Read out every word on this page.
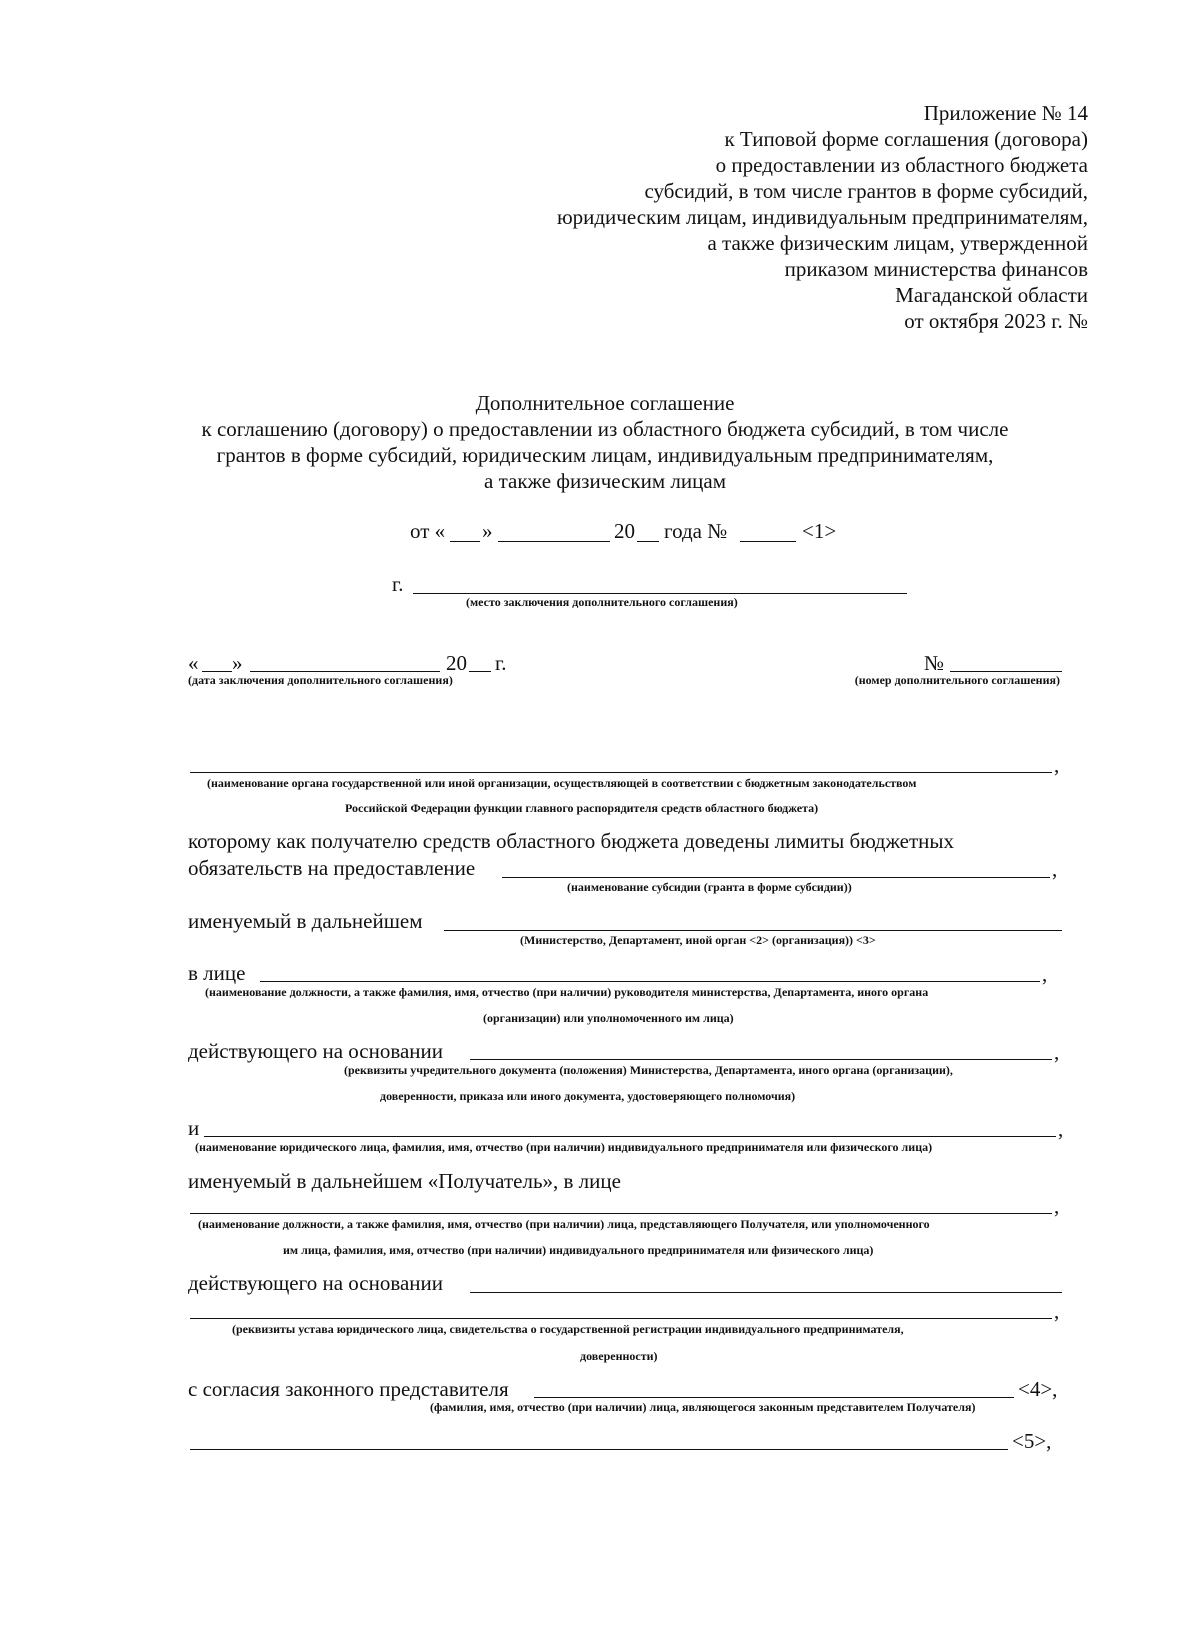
Приложение № 14
к Типовой форме соглашения (договора)
о предоставлении из областного бюджета
субсидий, в том числе грантов в форме субсидий,
юридическим лицам, индивидуальным предпринимателям,
а также физическим лицам, утвержденной
приказом министерства финансов
Магаданской области
от октября 2023 г. №
Дополнительное соглашение
к соглашению (договору) о предоставлении из областного бюджета субсидий, в том числе
грантов в форме субсидий, юридическим лицам, индивидуальным предпринимателям,
а также физическим лицам
от « »	20 года №	<1>
г.
(место заключения дополнительного соглашения)
« »	20 г.
(дата заключения дополнительного соглашения)
№
(номер дополнительного соглашения)
,
(наименование органа государственной или иной организации, осуществляющей в соответствии с бюджетным законодательством
Российской Федерации функции главного распорядителя средств областного бюджета)
которому как получателю средств областного бюджета доведены лимиты бюджетных
обязательств на предоставление	,
(наименование субсидии (гранта в форме субсидии))
именуемый в дальнейшем
(Министерство, Департамент, иной орган <2> (организация)) <3>
в лице	,
(наименование должности, а также фамилия, имя, отчество (при наличии) руководителя министерства, Департамента, иного органа
(организации) или уполномоченного им лица)
действующего на основании	,
(реквизиты учредительного документа (положения) Министерства, Департамента, иного органа (организации),
доверенности, приказа или иного документа, удостоверяющего полномочия)
и	,
(наименование юридического лица, фамилия, имя, отчество (при наличии) индивидуального предпринимателя или физического лица)
именуемый в дальнейшем «Получатель», в лице
,
(наименование должности, а также фамилия, имя, отчество (при наличии) лица, представляющего Получателя, или уполномоченного
им лица, фамилия, имя, отчество (при наличии) индивидуального предпринимателя или физического лица)
действующего на основании
,
(реквизиты устава юридического лица, свидетельства о государственной регистрации индивидуального предпринимателя,
доверенности)
с согласия законного представителя	<4>,
(фамилия, имя, отчество (при наличии) лица, являющегося законным представителем Получателя)
<5>,
